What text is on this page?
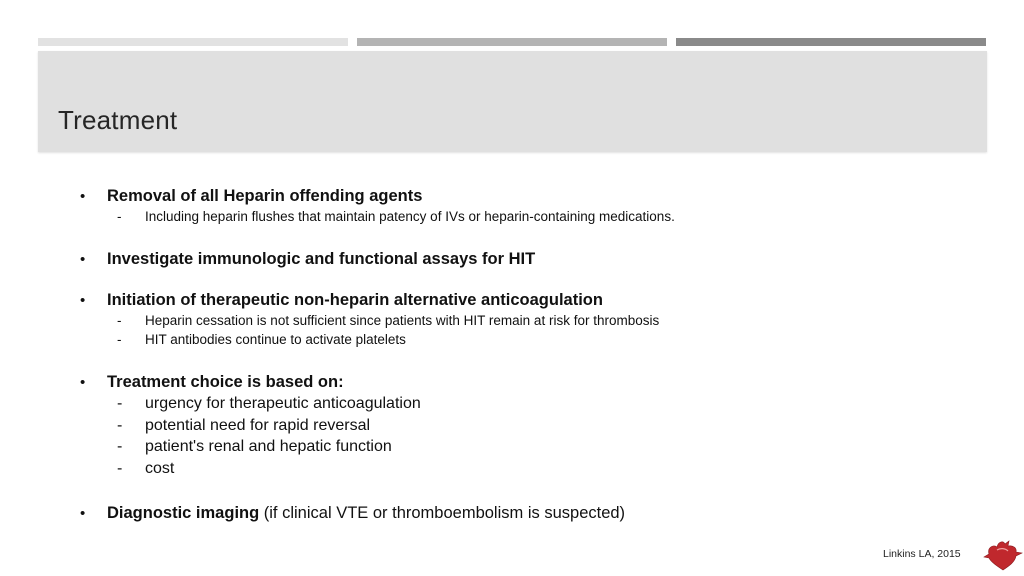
Treatment
•	Removal of all Heparin offending agents
-	Including heparin flushes that maintain patency of IVs or heparin-containing medications.
•	Investigate immunologic and functional assays for HIT
•	Initiation of therapeutic non-heparin alternative anticoagulation
-	Heparin cessation is not sufficient since patients with HIT remain at risk for thrombosis
-	HIT antibodies continue to activate platelets
•	Treatment choice is based on:
-	urgency for therapeutic anticoagulation
-	potential need for rapid reversal
-	patient's renal and hepatic function
-	cost
•	Diagnostic imaging (if clinical VTE or thromboembolism is suspected)
Linkins LA, 2015
